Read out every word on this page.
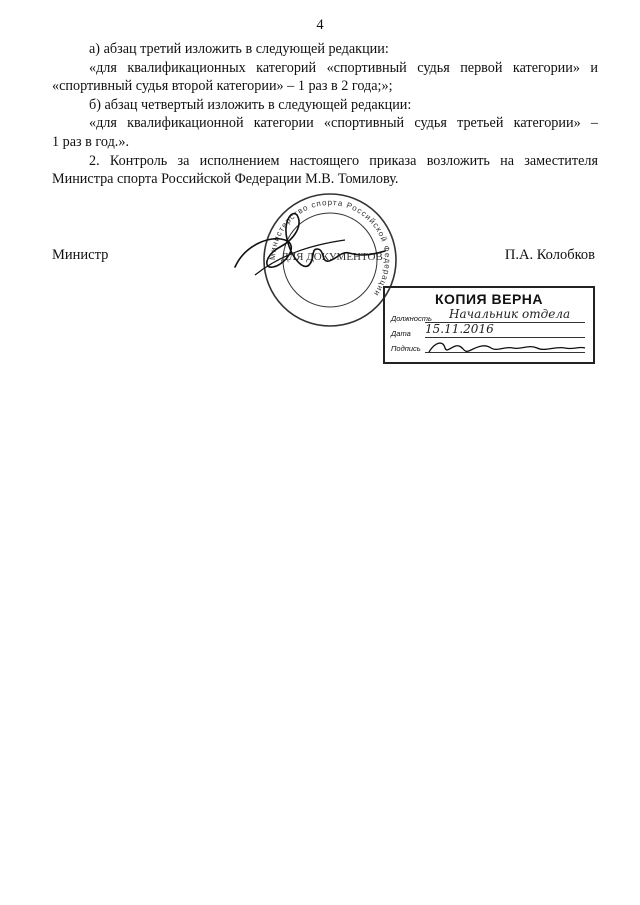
4
а) абзац третий изложить в следующей редакции:
«для квалификационных категорий «спортивный судья первой категории» и
«спортивный судья второй категории» – 1 раз в 2 года;»;
б) абзац четвертый изложить в следующей редакции:
«для квалификационной категории «спортивный судья третьей категории» –
1 раз в год.».
2. Контроль за исполнением настоящего приказа возложить на заместителя
Министра спорта Российской Федерации М.В. Томилову.
Министр	П.А. Колобков
Министерство спорта Российской Федерации
ДЛЯ ДОКУМЕНТОВ
КОПИЯ ВЕРНА
Должность Начальник отдела
Дата 15.11.2016
Подпись
